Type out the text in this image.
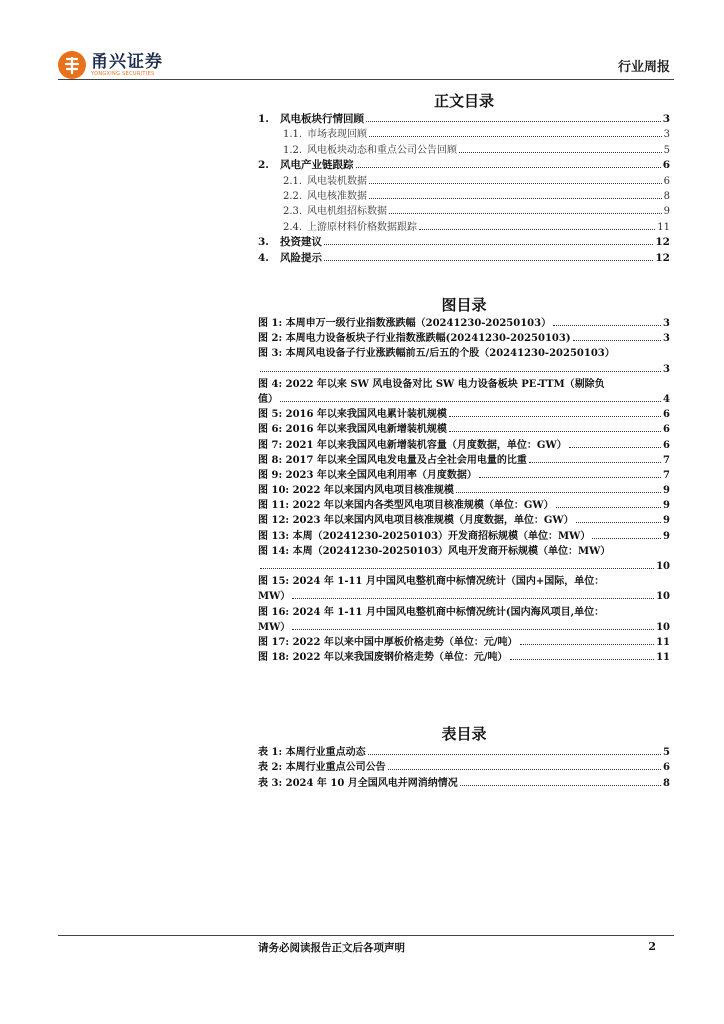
甬兴证券
YONGXING SECURITIES	行业周报
正文目录
1.	风电板块行情回顾	3
1.1. 市场表现回顾	3
1.2. 风电板块动态和重点公司公告回顾	5
2.	风电产业链跟踪	6
2.1. 风电装机数据	6
2.2. 风电核准数据	8
2.3. 风电机组招标数据	9
2.4. 上游原材料价格数据跟踪	11
3.	投资建议	12
4.	风险提示	12
图目录
图 1: 本周申万一级行业指数涨跌幅（20241230-20250103）	3
图 2: 本周电力设备板块子行业指数涨跌幅(20241230-20250103)	3
图 3: 本周风电设备子行业涨跌幅前五/后五的个股（20241230-20250103）
3
图 4: 2022 年以来 SW 风电设备对比 SW 电力设备板块 PE-TTM（剔除负
值）	4
图 5: 2016 年以来我国风电累计装机规模	6
图 6: 2016 年以来我国风电新增装机规模	6
图 7: 2021 年以来我国风电新增装机容量（月度数据，单位：GW）	6
图 8: 2017 年以来全国风电发电量及占全社会用电量的比重	7
图 9: 2023 年以来全国风电利用率（月度数据）	7
图 10: 2022 年以来国内风电项目核准规模	9
图 11: 2022 年以来国内各类型风电项目核准规模（单位：GW）	9
图 12: 2023 年以来国内风电项目核准规模（月度数据，单位：GW）	9
图 13: 本周（20241230-20250103）开发商招标规模（单位：MW）	9
图 14: 本周（20241230-20250103）风电开发商开标规模（单位：MW）
10
图 15: 2024 年 1-11 月中国风电整机商中标情况统计（国内+国际，单位：
MW）	10
图 16: 2024 年 1-11 月中国风电整机商中标情况统计(国内海风项目,单位：
MW）	10
图 17: 2022 年以来中国中厚板价格走势（单位：元/吨）	11
图 18: 2022 年以来我国废钢价格走势（单位：元/吨）	11
表目录
表 1: 本周行业重点动态	5
表 2: 本周行业重点公司公告	6
表 3: 2024 年 10 月全国风电并网消纳情况	8
请务必阅读报告正文后各项声明	2
